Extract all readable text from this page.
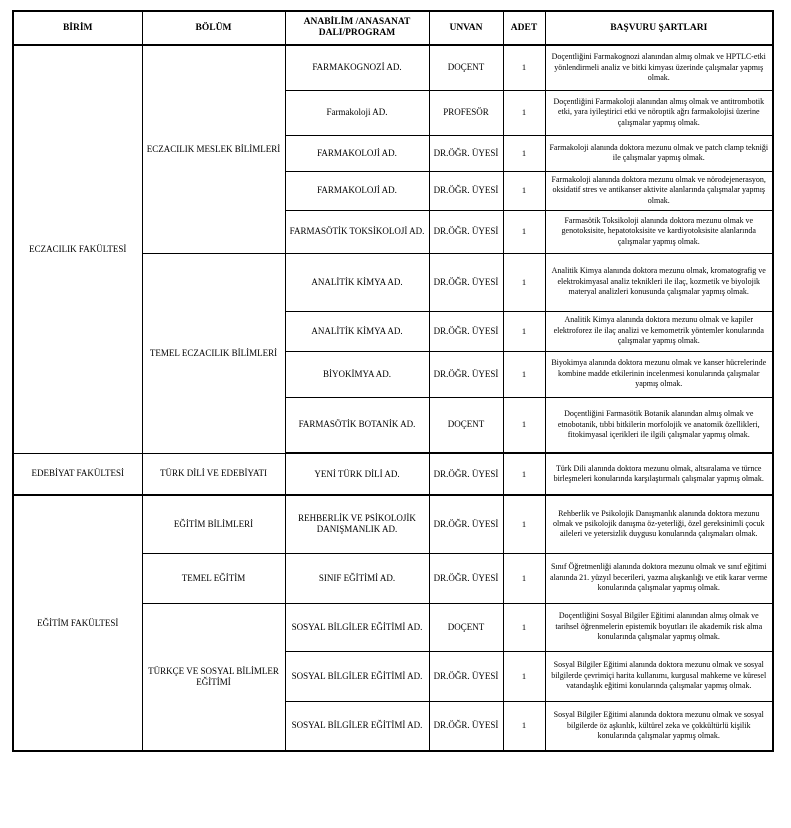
BİRİM	BÖLÜM	ANABİLİM /ANASANAT DALI/PROGRAM	UNVAN	ADET	BAŞVURU ŞARTLARI
ECZACILIK FAKÜLTESİ	ECZACILIK MESLEK BİLİMLERİ	FARMAKOGNOZİ AD.	DOÇENT	1	Doçentliğini Farmakognozi alanından almış olmak ve HPTLC-etki yönlendirmeli analiz ve bitki kimyası üzerinde çalışmalar yapmış olmak.
		Farmakoloji AD.	PROFESÖR	1	Doçentliğini Farmakoloji alanından almış olmak ve antitrombotik etki, yara iyileştirici etki ve nöroptik ağrı farmakolojisi üzerine çalışmalar yapmış olmak.
		FARMAKOLOJİ AD.	DR.ÖĞR. ÜYESİ	1	Farmakoloji alanında doktora mezunu olmak ve patch clamp tekniği ile çalışmalar yapmış olmak.
		FARMAKOLOJİ AD.	DR.ÖĞR. ÜYESİ	1	Farmakoloji alanında doktora mezunu olmak ve nörodejenerasyon, oksidatif stres ve antikanser aktivite alanlarında çalışmalar yapmış olmak.
		FARMASÖTİK TOKSİKOLOJİ AD.	DR.ÖĞR. ÜYESİ	1	Farmasötik Toksikoloji alanında doktora mezunu olmak ve genotoksisite, hepatotoksisite ve kardiyotoksisite alanlarında çalışmalar yapmış olmak.
	TEMEL ECZACILIK BİLİMLERİ	ANALİTİK KİMYA AD.	DR.ÖĞR. ÜYESİ	1	Analitik Kimya alanında doktora mezunu olmak, kromatografig ve elektrokimyasal analiz teknikleri ile ilaç, kozmetik ve biyolojik materyal analizleri konusunda çalışmalar yapmış olmak.
		ANALİTİK KİMYA AD.	DR.ÖĞR. ÜYESİ	1	Analitik Kimya alanında doktora mezunu olmak ve kapiler elektroforez ile ilaç analizi ve kemometrik yöntemler konularında çalışmalar yapmış olmak.
		BİYOKİMYA AD.	DR.ÖĞR. ÜYESİ	1	Biyokimya alanında doktora mezunu olmak ve kanser hücrelerinde kombine madde etkilerinin incelenmesi konularında çalışmalar yapmış olmak.
		FARMASÖTİK BOTANİK AD.	DOÇENT	1	Doçentliğini Farmasötik Botanik alanından almış olmak ve etnobotanik, tıbbi bitkilerin morfolojik ve anatomik özellikleri, fitokimyasal içerikleri ile ilgili çalışmalar yapmış olmak.
EDEBİYAT FAKÜLTESİ	TÜRK DİLİ VE EDEBİYATI	YENİ TÜRK DİLİ AD.	DR.ÖĞR. ÜYESİ	1	Türk Dili alanında doktora mezunu olmak, altsıralama ve türnce birleşmeleri konularında karşılaştırmalı çalışmalar yapmış olmak.
EĞİTİM FAKÜLTESİ	EĞİTİM BİLİMLERİ	REHBERLİK VE PSİKOLOJİK DANIŞMANLIK AD.	DR.ÖĞR. ÜYESİ	1	Rehberlik ve Psikolojik Danışmanlık alanında doktora mezunu olmak ve psikolojik danışma öz-yeterliği, özel gereksinimli çocuk aileleri ve yetersizlik duygusu konularında çalışmaları olmak.
	TEMEL EĞİTİM	SINIF EĞİTİMİ AD.	DR.ÖĞR. ÜYESİ	1	Sınıf Öğretmenliği alanında doktora mezunu olmak ve sınıf eğitimi alanında 21. yüzyıl becerileri, yazma alışkanlığı ve etik karar verme konularında çalışmalar yapmış olmak.
	TÜRKÇE VE SOSYAL BİLİMLER EĞİTİMİ	SOSYAL BİLGİLER EĞİTİMİ AD.	DOÇENT	1	Doçentliğini Sosyal Bilgiler Eğitimi alanından almış olmak ve tarihsel öğrenmelerin epistemik boyutları ile akademik risk alma konularında çalışmalar yapmış olmak.
		SOSYAL BİLGİLER EĞİTİMİ AD.	DR.ÖĞR. ÜYESİ	1	Sosyal Bilgiler Eğitimi alanında doktora mezunu olmak ve sosyal bilgilerde çevrimiçi harita kullanımı, kurgusal mahkeme ve küresel vatandaşlık eğitimi konularında çalışmalar yapmış olmak.
		SOSYAL BİLGİLER EĞİTİMİ AD.	DR.ÖĞR. ÜYESİ	1	Sosyal Bilgiler Eğitimi alanında doktora mezunu olmak ve sosyal bilgilerde öz aşkınlık, kültürel zeka ve çokkültürlü kişilik konularında çalışmalar yapmış olmak.
